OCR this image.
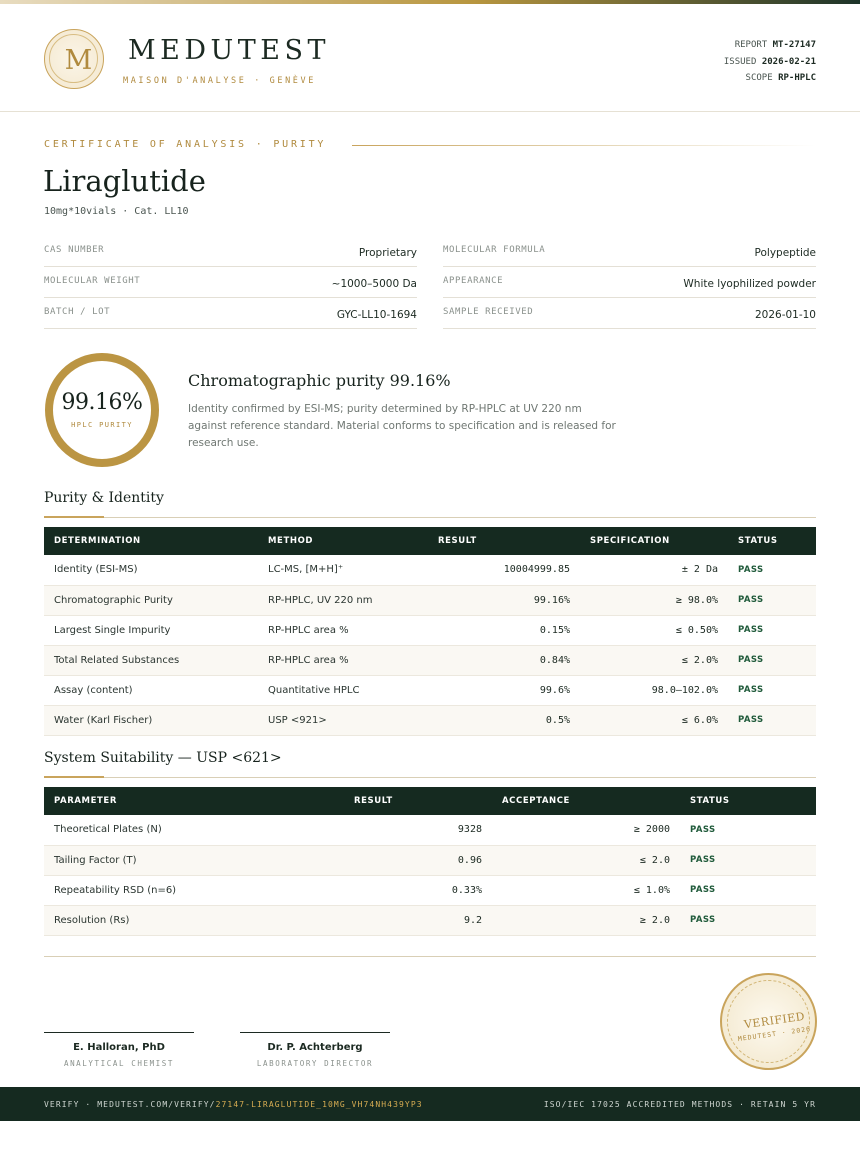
M	MEDUTEST
MAISON D'ANALYSE · GENÈVE
REPORT MT-27147
ISSUED 2026-02-21
SCOPE RP-HPLC
CERTIFICATE OF ANALYSIS · PURITY
Liraglutide
10mg*10vials · Cat. LL10
CAS NUMBER	Proprietary
MOLECULAR WEIGHT	~1000–5000 Da
BATCH / LOT	GYC-LL10-1694
MOLECULAR FORMULA	Polypeptide
APPEARANCE	White lyophilized powder
SAMPLE RECEIVED	2026-01-10
99.16%
HPLC PURITY
Chromatographic purity 99.16%
Identity confirmed by ESI-MS; purity determined by RP-HPLC at UV 220 nm against reference standard. Material conforms to specification and is released for research use.
Purity & Identity
DETERMINATION	METHOD	RESULT	SPECIFICATION	STATUS
Identity (ESI-MS)	LC-MS, [M+H]⁺	10004999.85	± 2 Da	PASS
Chromatographic Purity	RP-HPLC, UV 220 nm	99.16%	≥ 98.0%	PASS
Largest Single Impurity	RP-HPLC area %	0.15%	≤ 0.50%	PASS
Total Related Substances	RP-HPLC area %	0.84%	≤ 2.0%	PASS
Assay (content)	Quantitative HPLC	99.6%	98.0–102.0%	PASS
Water (Karl Fischer)	USP <921>	0.5%	≤ 6.0%	PASS
System Suitability — USP <621>
PARAMETER	RESULT	ACCEPTANCE	STATUS
Theoretical Plates (N)	9328	≥ 2000	PASS
Tailing Factor (T)	0.96	≤ 2.0	PASS
Repeatability RSD (n=6)	0.33%	≤ 1.0%	PASS
Resolution (Rs)	9.2	≥ 2.0	PASS
E. Halloran, PhD
ANALYTICAL CHEMIST
Dr. P. Achterberg
LABORATORY DIRECTOR
VERIFIED
MEDUTEST · 2026
VERIFY · MEDUTEST.COM/VERIFY/27147-LIRAGLUTIDE_10MG_VH74NH439YP3	ISO/IEC 17025 ACCREDITED METHODS · RETAIN 5 YR
